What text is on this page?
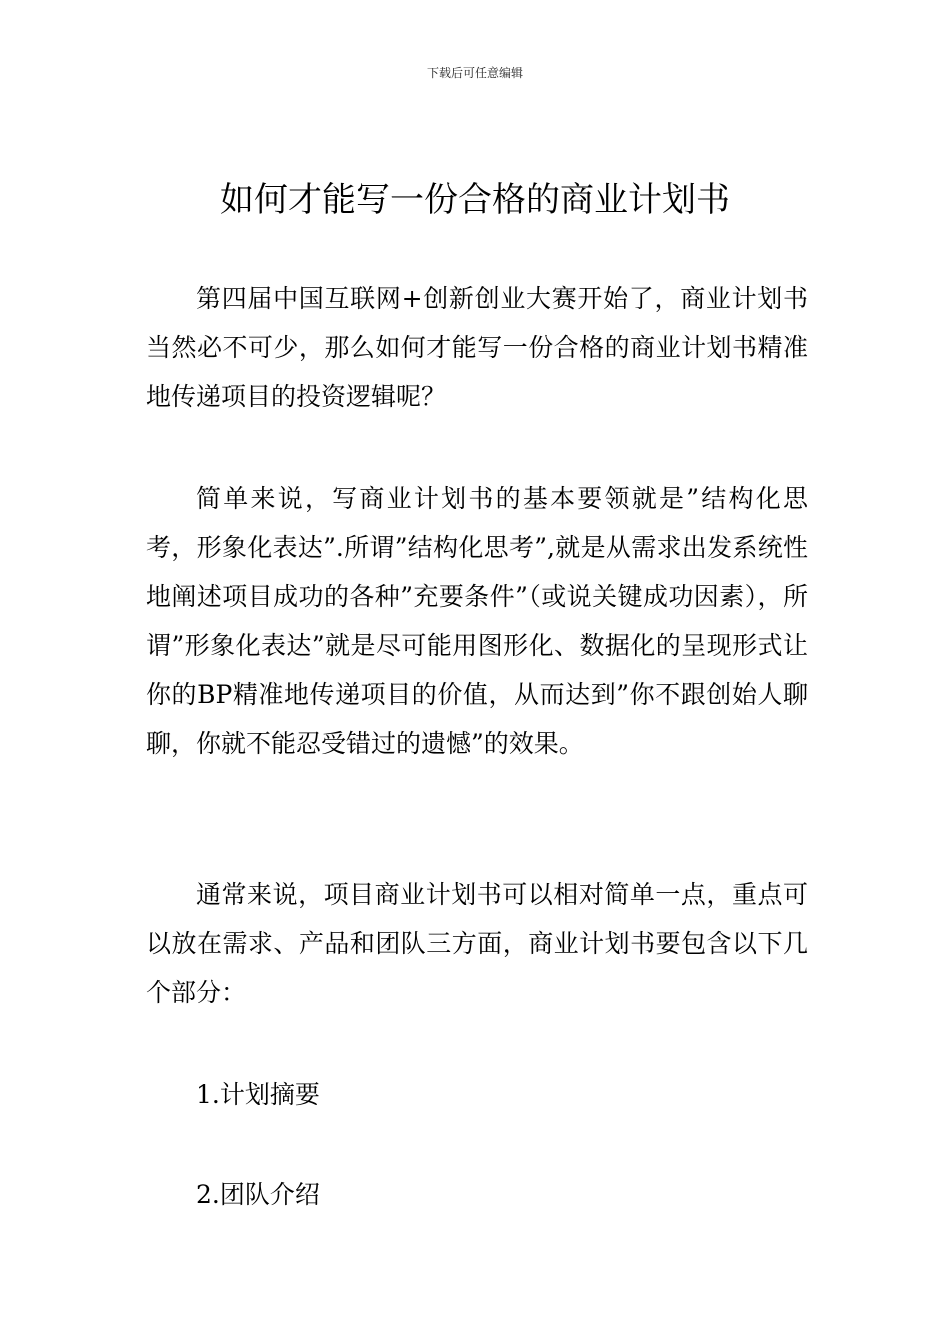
下载后可任意编辑
如何才能写一份合格的商业计划书

第四届中国互联网+创新创业大赛开始了，商业计划书当然必不可少，那么如何才能写一份合格的商业计划书精准地传递项目的投资逻辑呢？

简单来说，写商业计划书的基本要领就是”结构化思考，形象化表达”.所谓”结构化思考”,就是从需求出发系统性地阐述项目成功的各种”充要条件”（或说关键成功因素），所谓”形象化表达”就是尽可能用图形化、数据化的呈现形式让你的BP精准地传递项目的价值，从而达到”你不跟创始人聊聊，你就不能忍受错过的遗憾”的效果。

通常来说，项目商业计划书可以相对简单一点，重点可以放在需求、产品和团队三方面，商业计划书要包含以下几个部分：

1.计划摘要
2.团队介绍
